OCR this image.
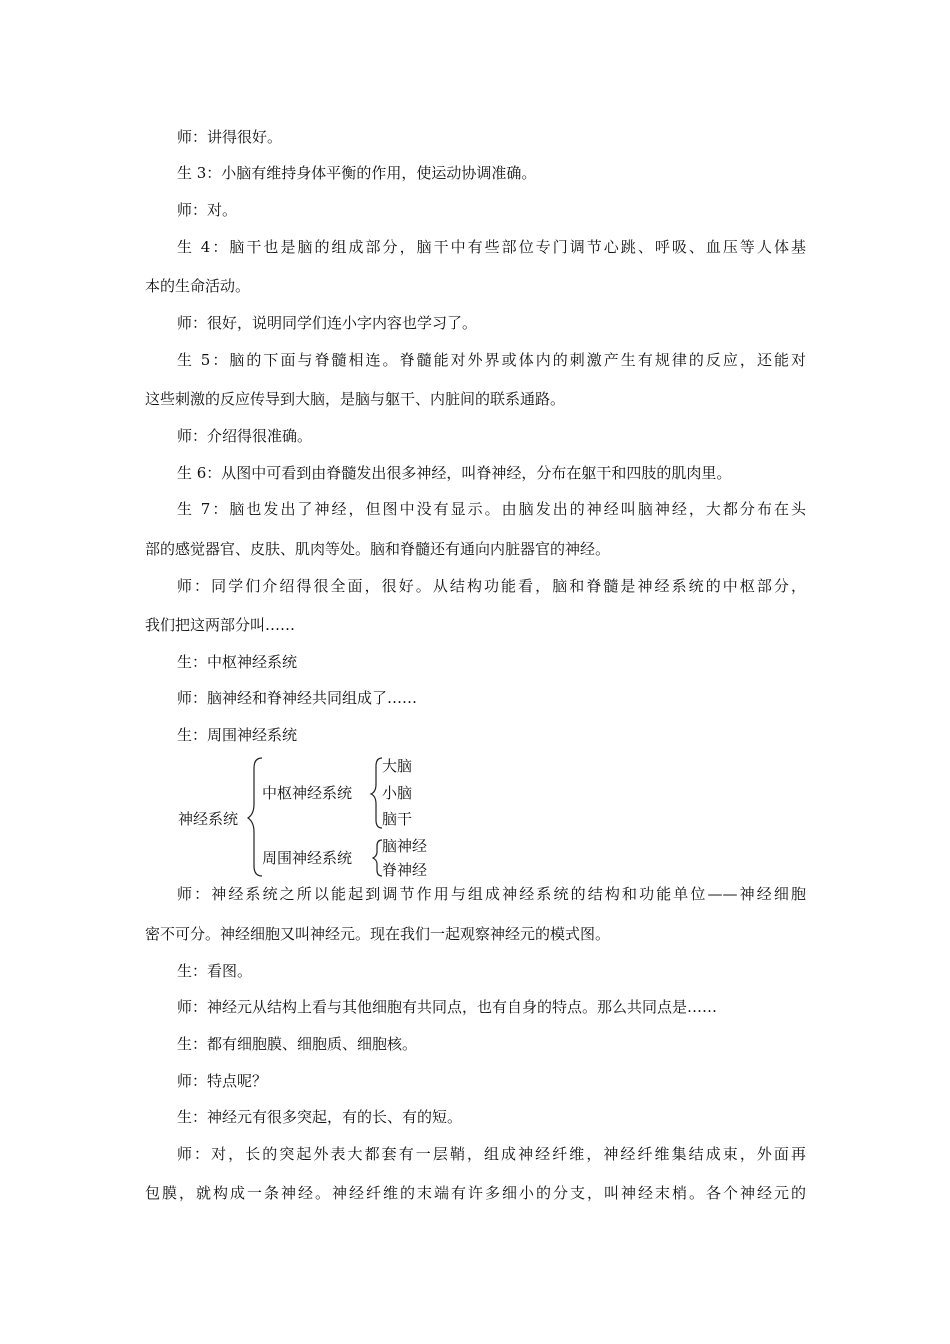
师：讲得很好。
生 3：小脑有维持身体平衡的作用，使运动协调准确。
师：对。
生 4：脑干也是脑的组成部分，脑干中有些部位专门调节心跳、呼吸、血压等人体基
本的生命活动。
师：很好，说明同学们连小字内容也学习了。
生 5：脑的下面与脊髓相连。脊髓能对外界或体内的刺激产生有规律的反应，还能对
这些刺激的反应传导到大脑，是脑与躯干、内脏间的联系通路。
师：介绍得很准确。
生 6：从图中可看到由脊髓发出很多神经，叫脊神经，分布在躯干和四肢的肌肉里。
生 7：脑也发出了神经，但图中没有显示。由脑发出的神经叫脑神经，大都分布在头
部的感觉器官、皮肤、肌肉等处。脑和脊髓还有通向内脏器官的神经。
师：同学们介绍得很全面，很好。从结构功能看，脑和脊髓是神经系统的中枢部分，
我们把这两部分叫……
生：中枢神经系统
师：脑神经和脊神经共同组成了……
生：周围神经系统
神经系统
中枢神经系统
大脑
小脑
脑干
周围神经系统
脑神经
脊神经
师：神经系统之所以能起到调节作用与组成神经系统的结构和功能单位——神经细胞
密不可分。神经细胞又叫神经元。现在我们一起观察神经元的模式图。
生：看图。
师：神经元从结构上看与其他细胞有共同点，也有自身的特点。那么共同点是……
生：都有细胞膜、细胞质、细胞核。
师：特点呢？
生：神经元有很多突起，有的长、有的短。
师：对，长的突起外表大都套有一层鞘，组成神经纤维，神经纤维集结成束，外面再
包膜，就构成一条神经。神经纤维的末端有许多细小的分支，叫神经末梢。各个神经元的
